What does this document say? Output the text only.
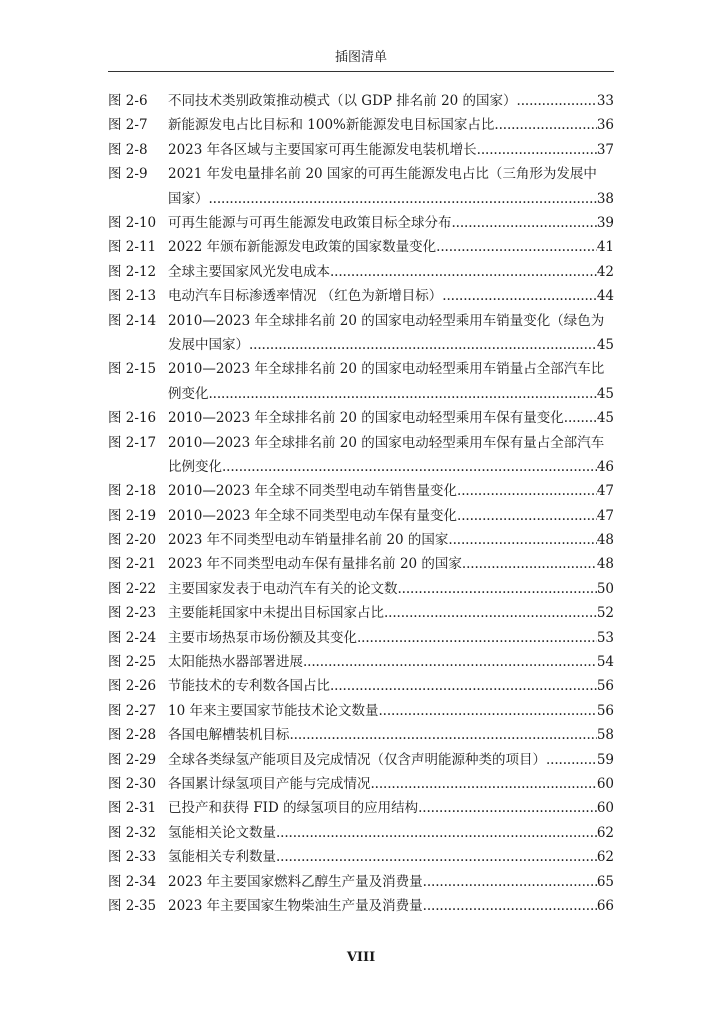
插图清单
图 2-6	不同技术类别政策推动模式（以 GDP 排名前 20 的国家） . . .	33
图 2-7	新能源发电占比目标和 100%新能源发电目标国家占比 . . .	36
图 2-8	2023 年各区域与主要国家可再生能源发电装机增长 . . .	37
图 2-9	2021 年发电量排名前 20 国家的可再生能源发电占比（三角形为发展中
国家） . . .	38
图 2-10 可再生能源与可再生能源发电政策目标全球分布 . . .	39
图 2-11 2022 年颁布新能源发电政策的国家数量变化 . . .	41
图 2-12 全球主要国家风光发电成本 . . .	42
图 2-13 电动汽车目标渗透率情况 （红色为新增目标） . . .	44
图 2-14 2010—2023 年全球排名前 20 的国家电动轻型乘用车销量变化（绿色为
发展中国家） . . .	45
图 2-15 2010—2023 年全球排名前 20 的国家电动轻型乘用车销量占全部汽车比
例变化 . . .	45
图 2-16 2010—2023 年全球排名前 20 的国家电动轻型乘用车保有量变化 . . . 45
图 2-17 2010—2023 年全球排名前 20 的国家电动轻型乘用车保有量占全部汽车
比例变化 . . .	46
图 2-18 2010—2023 年全球不同类型电动车销售量变化 . . .	47
图 2-19 2010—2023 年全球不同类型电动车保有量变化 . . .	47
图 2-20 2023 年不同类型电动车销量排名前 20 的国家 . . .	48
图 2-21 2023 年不同类型电动车保有量排名前 20 的国家 . . .	48
图 2-22 主要国家发表于电动汽车有关的论文数 . . .	50
图 2-23 主要能耗国家中未提出目标国家占比 . . .	52
图 2-24 主要市场热泵市场份额及其变化 . . .	53
图 2-25 太阳能热水器部署进展 . . .	54
图 2-26 节能技术的专利数各国占比 . . .	56
图 2-27 10 年来主要国家节能技术论文数量 . . .	56
图 2-28 各国电解槽装机目标 . . .	58
图 2-29 全球各类绿氢产能项目及完成情况（仅含声明能源种类的项目） . . .	59
图 2-30 各国累计绿氢项目产能与完成情况 . . .	60
图 2-31 已投产和获得 FID 的绿氢项目的应用结构 . . .	60
图 2-32 氢能相关论文数量 . . .	62
图 2-33 氢能相关专利数量 . . .	62
图 2-34 2023 年主要国家燃料乙醇生产量及消费量 . . .	65
图 2-35 2023 年主要国家生物柴油生产量及消费量 . . .	66
VIII
